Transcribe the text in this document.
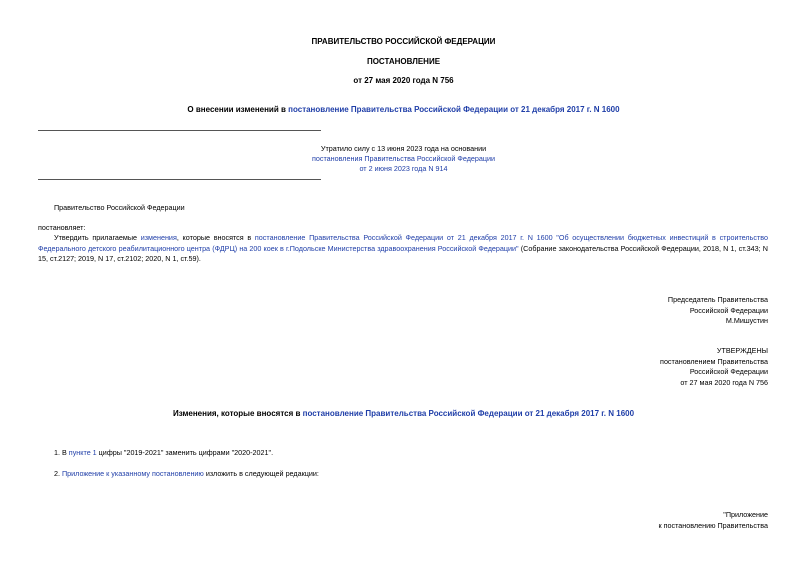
ПРАВИТЕЛЬСТВО РОССИЙСКОЙ ФЕДЕРАЦИИ
ПОСТАНОВЛЕНИЕ
от 27 мая 2020 года N 756
О внесении изменений в постановление Правительства Российской Федерации от 21 декабря 2017 г. N 1600
Утратило силу с 13 июня 2023 года на основании
постановления Правительства Российской Федерации
от 2 июня 2023 года N 914
Правительство Российской Федерации
постановляет:
Утвердить прилагаемые изменения, которые вносятся в постановление Правительства Российской Федерации от 21 декабря 2017 г. N 1600 "Об осуществлении бюджетных инвестиций в строительство Федерального детского реабилитационного центра (ФДРЦ) на 200 коек в г.Подольске Министерства здравоохранения Российской Федерации" (Собрание законодательства Российской Федерации, 2018, N 1, ст.343; N 15, ст.2127; 2019, N 17, ст.2102; 2020, N 1, ст.59).
Председатель Правительства
Российской Федерации
М.Мишустин
УТВЕРЖДЕНЫ
постановлением Правительства
Российской Федерации
от 27 мая 2020 года N 756
Изменения, которые вносятся в постановление Правительства Российской Федерации от 21 декабря 2017 г. N 1600
1. В пункте 1 цифры "2019-2021" заменить цифрами "2020-2021".
2. Приложение к указанному постановлению изложить в следующей редакции:
"Приложение
к постановлению Правительства
